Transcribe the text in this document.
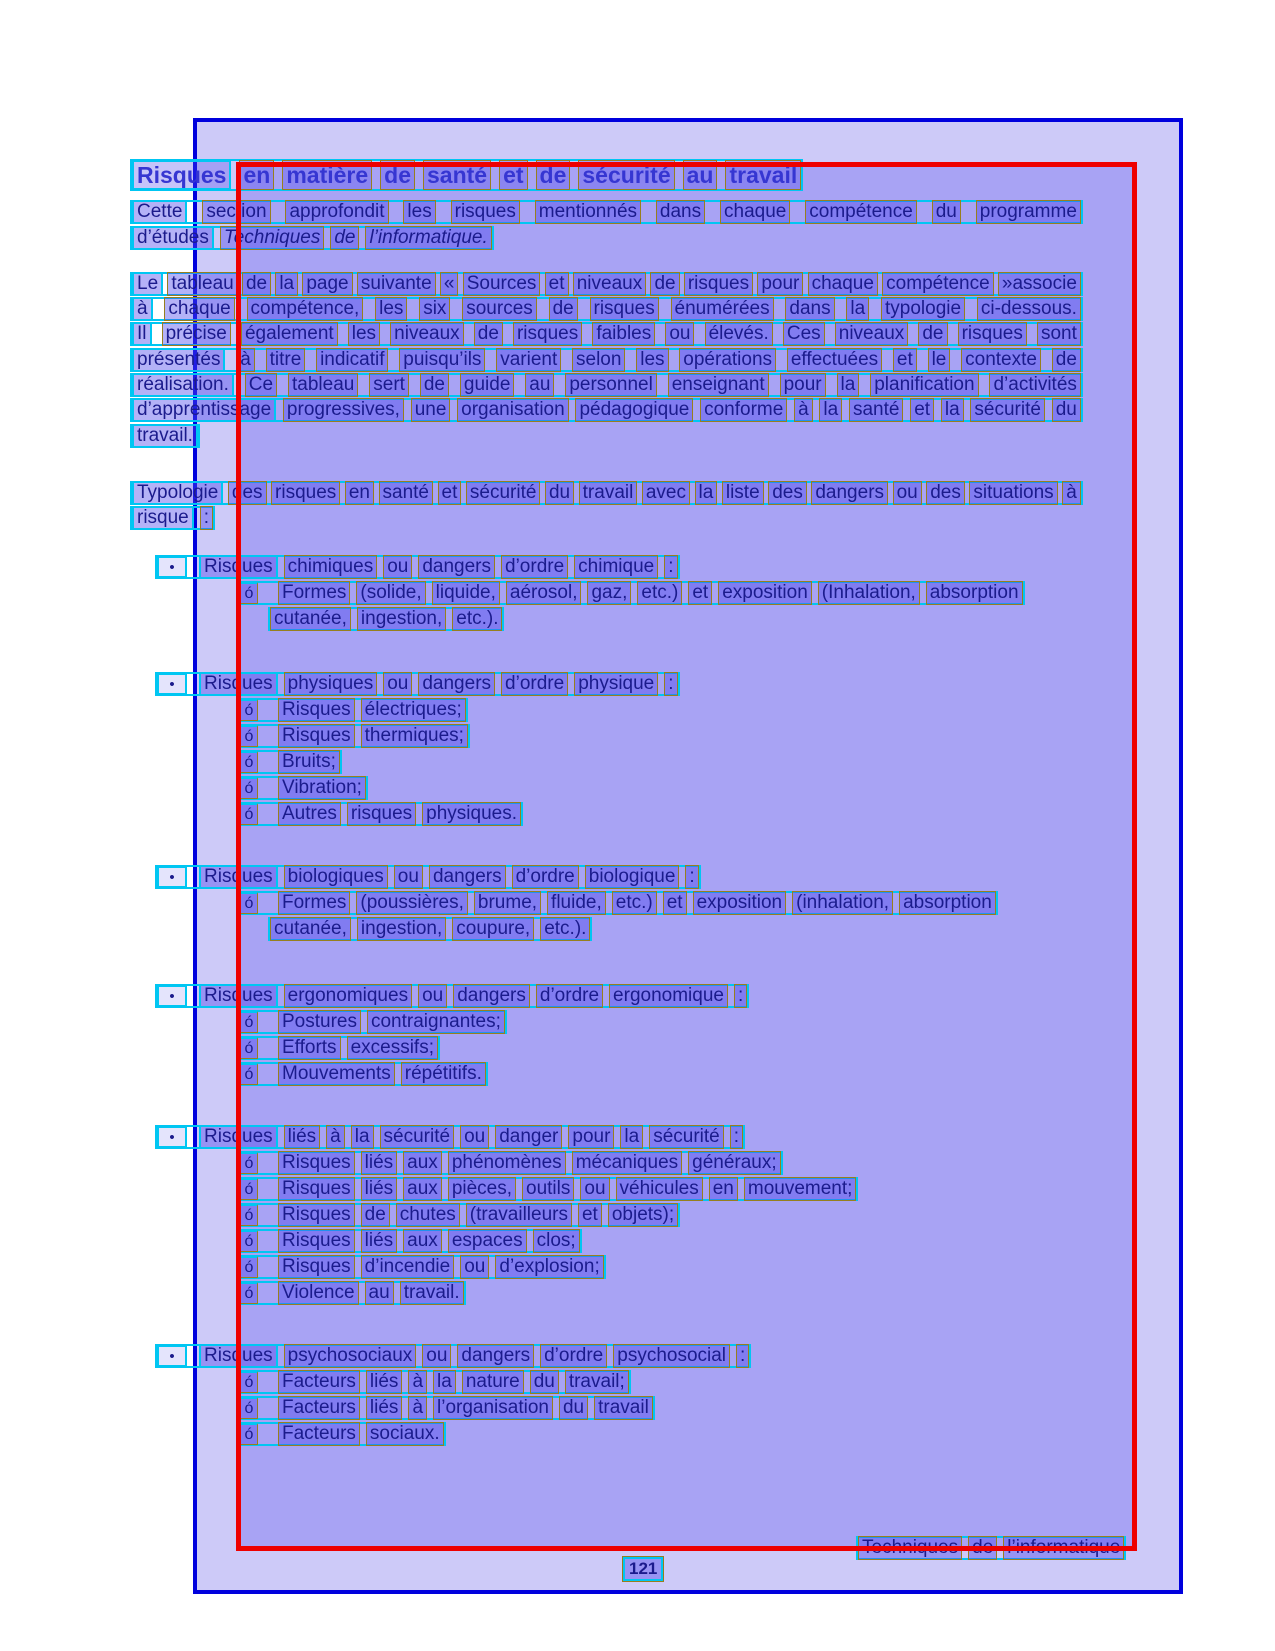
Risques en matière de santé et de sécurité au travail
Cette section approfondit les risques mentionnés dans chaque compétence du programme
d’études Techniques de l’informatique.
Le tableau de la page suivante « Sources et niveaux de risques pour chaque compétence »associe
à chaque compétence, les six sources de risques énumérées dans la typologie ci-dessous.
Il précise également les niveaux de risques faibles ou élevés. Ces niveaux de risques sont
présentés à titre indicatif puisqu’ils varient selon les opérations effectuées et le contexte de
réalisation. Ce tableau sert de guide au personnel enseignant pour la planification d’activités
d’apprentissage progressives, une organisation pédagogique conforme à la santé et la sécurité du
travail.
Typologie des risques en santé et sécurité du travail avec la liste des dangers ou des situations à
risque :
•	Risques chimiques ou dangers d’ordre chimique :
ó Formes (solide, liquide, aérosol, gaz, etc.) et exposition (Inhalation, absorption
cutanée, ingestion, etc.).
•	Risques physiques ou dangers d’ordre physique :
ó Risques électriques;
ó Risques thermiques;
ó Bruits;
ó Vibration;
ó Autres risques physiques.
•	Risques biologiques ou dangers d’ordre biologique :
ó Formes (poussières, brume, fluide, etc.) et exposition (inhalation, absorption
cutanée, ingestion, coupure, etc.).
•	Risques ergonomiques ou dangers d’ordre ergonomique :
ó Postures contraignantes;
ó Efforts excessifs;
ó Mouvements répétitifs.
•	Risques liés à la sécurité ou danger pour la sécurité :
ó Risques liés aux phénomènes mécaniques généraux;
ó Risques liés aux pièces, outils ou véhicules en mouvement;
ó Risques de chutes (travailleurs et objets);
ó Risques liés aux espaces clos;
ó Risques d’incendie ou d’explosion;
ó Violence au travail.
•	Risques psychosociaux ou dangers d’ordre psychosocial :
ó Facteurs liés à la nature du travail;
ó Facteurs liés à l’organisation du travail
ó Facteurs sociaux.
Techniques de l’informatique
121
